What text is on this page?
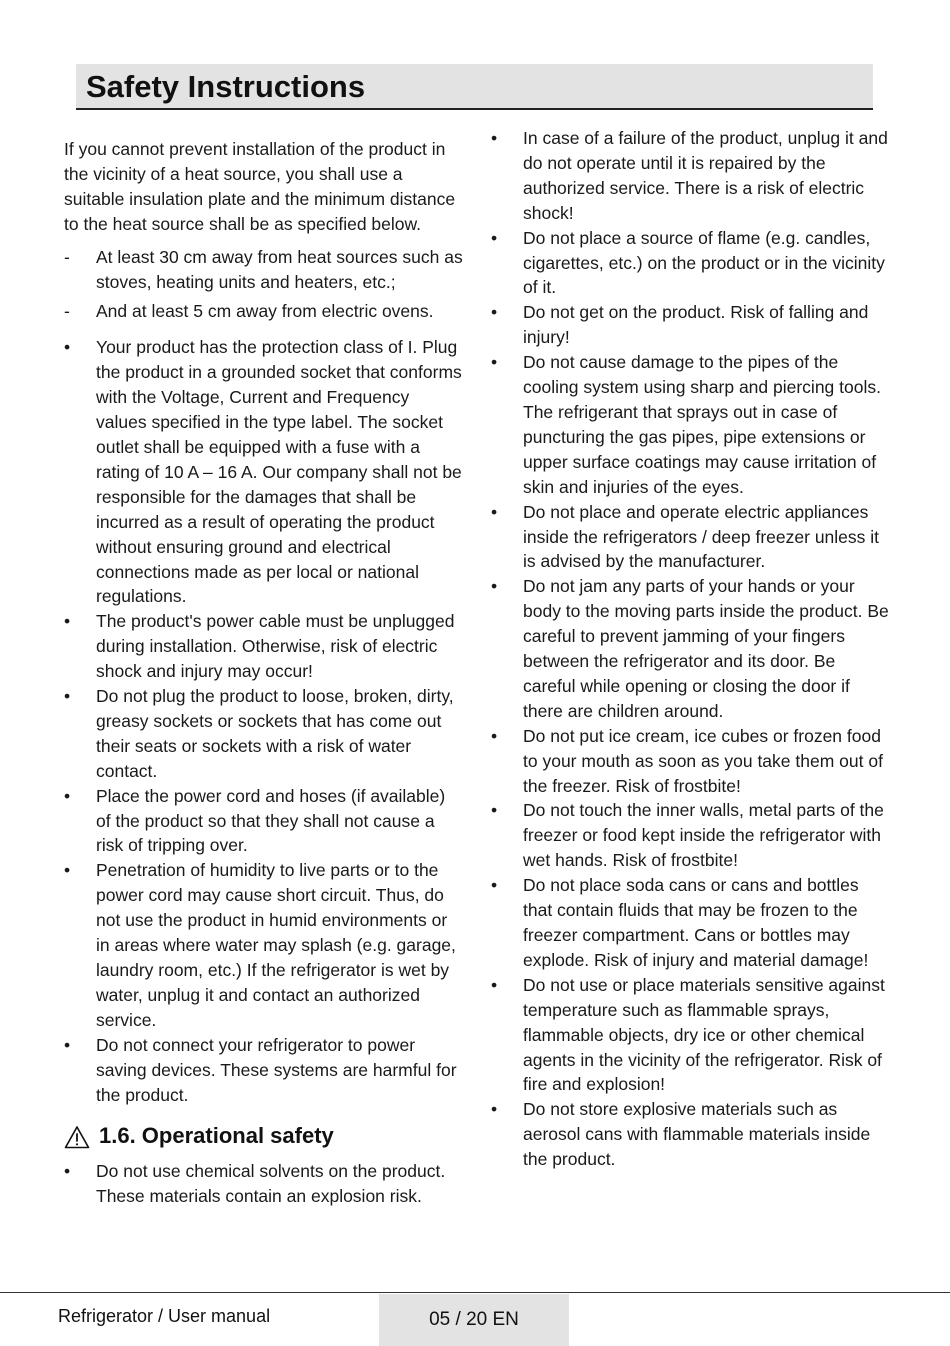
Safety Instructions

If you cannot prevent installation of the product in the vicinity of a heat source, you shall use a suitable insulation plate and the minimum distance to the heat source shall be as specified below.

-	At least 30 cm away from heat sources such as stoves, heating units and heaters, etc.;
-	And at least 5 cm away from electric ovens.
•	Your product has the protection class of I. Plug the product in a grounded socket that conforms with the Voltage, Current and Frequency values specified in the type label. The socket outlet shall be equipped with a fuse with a rating of 10 A – 16 A. Our company shall not be responsible for the damages that shall be incurred as a result of operating the product without ensuring ground and electrical connections made as per local or national regulations.
•	The product's power cable must be unplugged during installation. Otherwise, risk of electric shock and injury may occur!
•	Do not plug the product to loose, broken, dirty, greasy sockets or sockets that has come out their seats or sockets with a risk of water contact.
•	Place the power cord and hoses (if available) of the product so that they shall not cause a risk of tripping over.
•	Penetration of humidity to live parts or to the power cord may cause short circuit. Thus, do not use the product in humid environments or in areas where water may splash (e.g. garage, laundry room, etc.) If the refrigerator is wet by water, unplug it and contact an authorized service.
•	Do not connect your refrigerator to power saving devices. These systems are harmful for the product.
1.6. Operational safety
•	Do not use chemical solvents on the product. These materials contain an explosion risk.
•	In case of a failure of the product, unplug it and do not operate until it is repaired by the authorized service. There is a risk of electric shock!
•	Do not place a source of flame (e.g. candles, cigarettes, etc.) on the product or in the vicinity of it.
•	Do not get on the product. Risk of falling and injury!
•	Do not cause damage to the pipes of the cooling system using sharp and piercing tools. The refrigerant that sprays out in case of puncturing the gas pipes, pipe extensions or upper surface coatings may cause irritation of skin and injuries of the eyes.
•	Do not place and operate electric appliances inside the refrigerators / deep freezer unless it is advised by the manufacturer.
•	Do not jam any parts of your hands or your body to the moving parts inside the product. Be careful to prevent jamming of your fingers between the refrigerator and its door. Be careful while opening or closing the door if there are children around.
•	Do not put ice cream, ice cubes or frozen food to your mouth as soon as you take them out of the freezer. Risk of frostbite!
•	Do not touch the inner walls, metal parts of the freezer or food kept inside the refrigerator with wet hands. Risk of frostbite!
•	Do not place soda cans or cans and bottles that contain fluids that may be frozen to the freezer compartment. Cans or bottles may explode. Risk of injury and material damage!
•	Do not use or place materials sensitive against temperature such as flammable sprays, flammable objects, dry ice or other chemical agents in the vicinity of the refrigerator. Risk of fire and explosion!
•	Do not store explosive materials such as aerosol cans with flammable materials inside the product.
Refrigerator / User manual	05 / 20 EN
